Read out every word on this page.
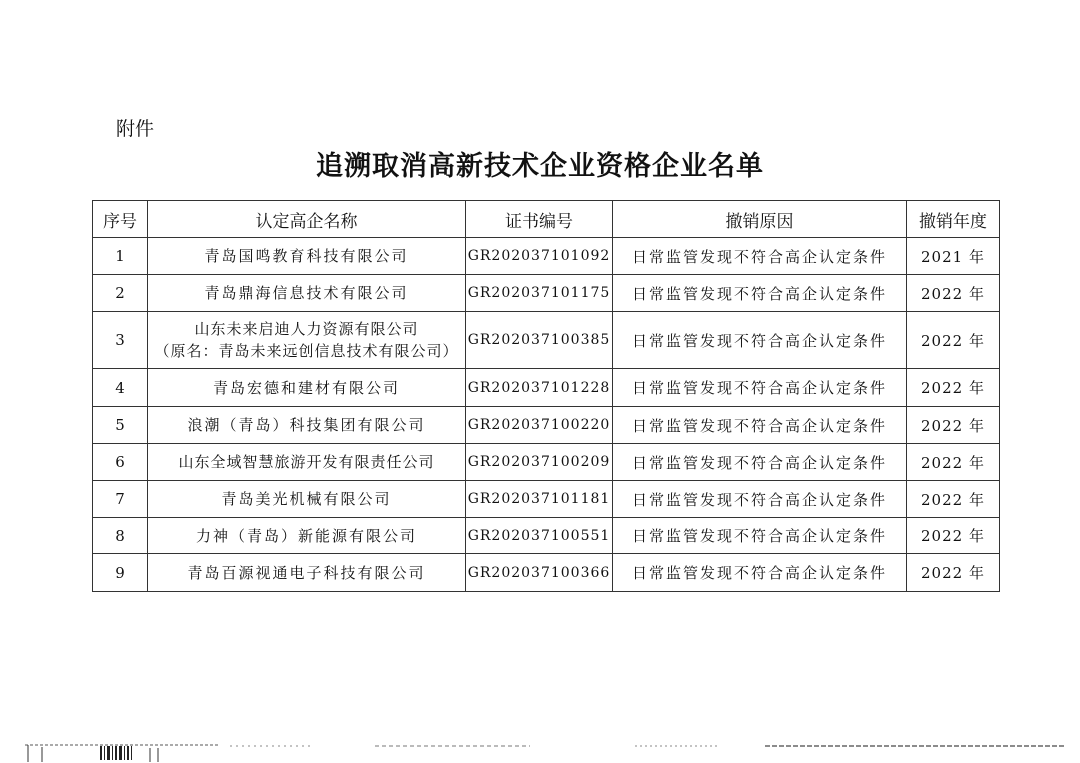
附件
追溯取消高新技术企业资格企业名单
序号	认定高企名称	证书编号	撤销原因	撤销年度
1	青岛国鸣教育科技有限公司	GR202037101092	日常监管发现不符合高企认定条件	2021 年
2	青岛鼎海信息技术有限公司	GR202037101175	日常监管发现不符合高企认定条件	2022 年
3	山东未来启迪人力资源有限公司
（原名：青岛未来远创信息技术有限公司）	GR202037100385	日常监管发现不符合高企认定条件	2022 年
4	青岛宏德和建材有限公司	GR202037101228	日常监管发现不符合高企认定条件	2022 年
5	浪潮（青岛）科技集团有限公司	GR202037100220	日常监管发现不符合高企认定条件	2022 年
6	山东全域智慧旅游开发有限责任公司	GR202037100209	日常监管发现不符合高企认定条件	2022 年
7	青岛美光机械有限公司	GR202037101181	日常监管发现不符合高企认定条件	2022 年
8	力神（青岛）新能源有限公司	GR202037100551	日常监管发现不符合高企认定条件	2022 年
9	青岛百源视通电子科技有限公司	GR202037100366	日常监管发现不符合高企认定条件	2022 年
